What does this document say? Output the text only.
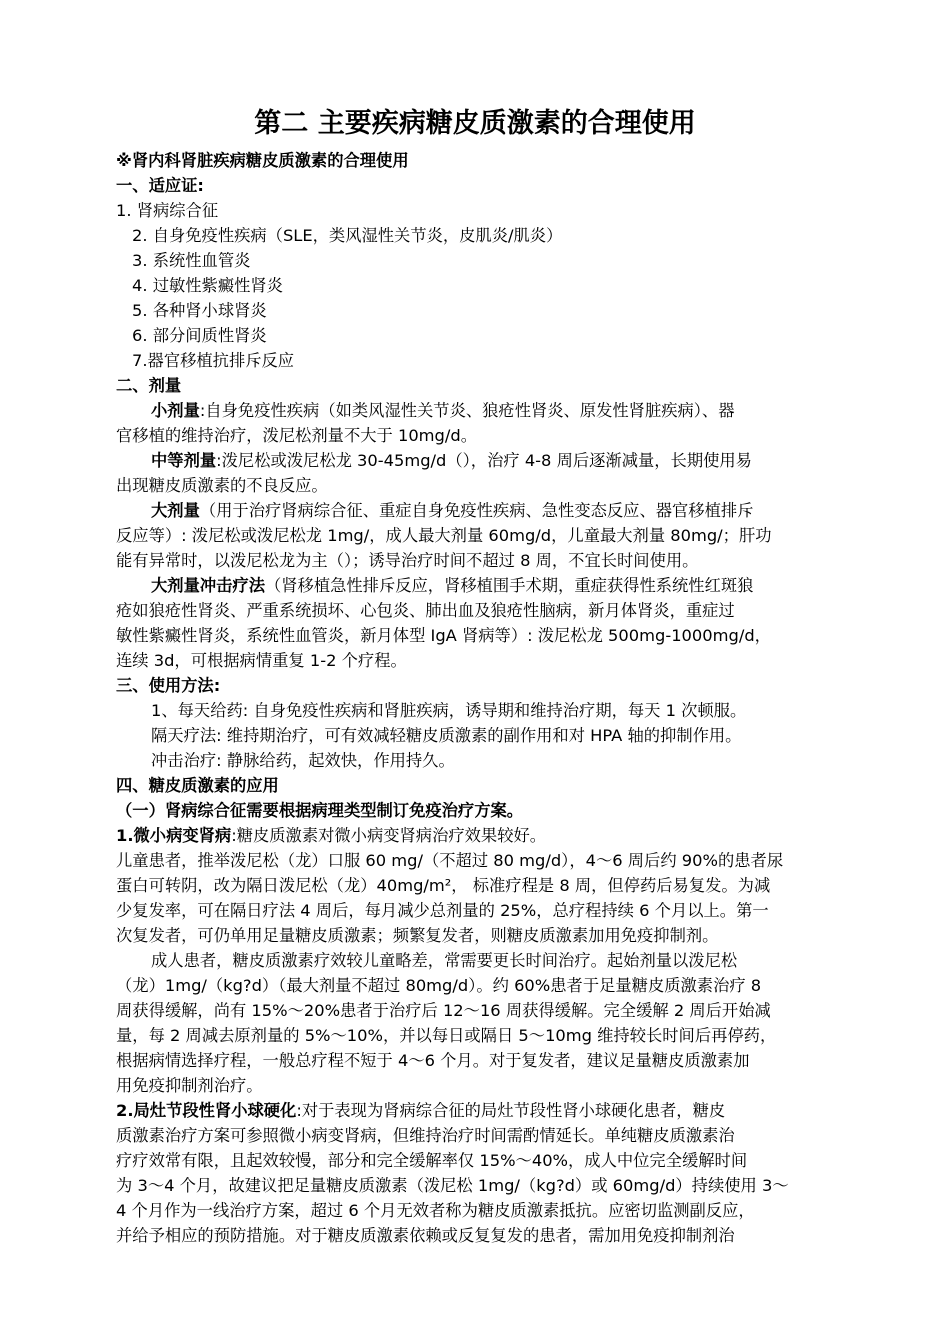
第二 主要疾病糖皮质激素的合理使用
※肾内科肾脏疾病糖皮质激素的合理使用
一、适应证:
1. 肾病综合征
2. 自身免疫性疾病（SLE，类风湿性关节炎，皮肌炎/肌炎）
3. 系统性血管炎
4. 过敏性紫癜性肾炎
5. 各种肾小球肾炎
6. 部分间质性肾炎
7.器官移植抗排斥反应
二、剂量
小剂量:自身免疫性疾病（如类风湿性关节炎、狼疮性肾炎、原发性肾脏疾病）、器
官移植的维持治疗，泼尼松剂量不大于 10mg/d。
中等剂量:泼尼松或泼尼松龙 30-45mg/d（），治疗 4-8 周后逐渐减量，长期使用易
出现糖皮质激素的不良反应。
大剂量（用于治疗肾病综合征、重症自身免疫性疾病、急性变态反应、器官移植排斥
反应等）: 泼尼松或泼尼松龙 1mg/，成人最大剂量 60mg/d，儿童最大剂量 80mg/；肝功
能有异常时，以泼尼松龙为主（）；诱导治疗时间不超过 8 周，不宜长时间使用。
大剂量冲击疗法（肾移植急性排斥反应，肾移植围手术期，重症获得性系统性红斑狼
疮如狼疮性肾炎、严重系统损坏、心包炎、肺出血及狼疮性脑病，新月体肾炎，重症过
敏性紫癜性肾炎，系统性血管炎，新月体型 IgA 肾病等）: 泼尼松龙 500mg-1000mg/d，
连续 3d，可根据病情重复 1-2 个疗程。
三、使用方法:
1、每天给药: 自身免疫性疾病和肾脏疾病，诱导期和维持治疗期，每天 1 次顿服。
隔天疗法: 维持期治疗，可有效减轻糖皮质激素的副作用和对 HPA 轴的抑制作用。
冲击治疗: 静脉给药，起效快，作用持久。
四、糖皮质激素的应用
（一）肾病综合征需要根据病理类型制订免疫治疗方案。
1.微小病变肾病:糖皮质激素对微小病变肾病治疗效果较好。
儿童患者，推举泼尼松（龙）口服 60 mg/（不超过 80 mg/d），4～6 周后约 90%的患者尿
蛋白可转阴，改为隔日泼尼松（龙）40mg/m²， 标准疗程是 8 周，但停药后易复发。为减
少复发率，可在隔日疗法 4 周后，每月减少总剂量的 25%，总疗程持续 6 个月以上。第一
次复发者，可仍单用足量糖皮质激素；频繁复发者，则糖皮质激素加用免疫抑制剂。
成人患者，糖皮质激素疗效较儿童略差，常需要更长时间治疗。起始剂量以泼尼松
（龙）1mg/（kg?d）（最大剂量不超过 80mg/d）。约 60%患者于足量糖皮质激素治疗 8
周获得缓解，尚有 15%～20%患者于治疗后 12～16 周获得缓解。完全缓解 2 周后开始减
量，每 2 周减去原剂量的 5%～10%，并以每日或隔日 5～10mg 维持较长时间后再停药，
根据病情选择疗程，一般总疗程不短于 4～6 个月。对于复发者，建议足量糖皮质激素加
用免疫抑制剂治疗。
2.局灶节段性肾小球硬化:对于表现为肾病综合征的局灶节段性肾小球硬化患者，糖皮
质激素治疗方案可参照微小病变肾病，但维持治疗时间需酌情延长。单纯糖皮质激素治
疗疗效常有限，且起效较慢，部分和完全缓解率仅 15%～40%，成人中位完全缓解时间
为 3～4 个月，故建议把足量糖皮质激素（泼尼松 1mg/（kg?d）或 60mg/d）持续使用 3～
4 个月作为一线治疗方案，超过 6 个月无效者称为糖皮质激素抵抗。应密切监测副反应，
并给予相应的预防措施。对于糖皮质激素依赖或反复复发的患者，需加用免疫抑制剂治
